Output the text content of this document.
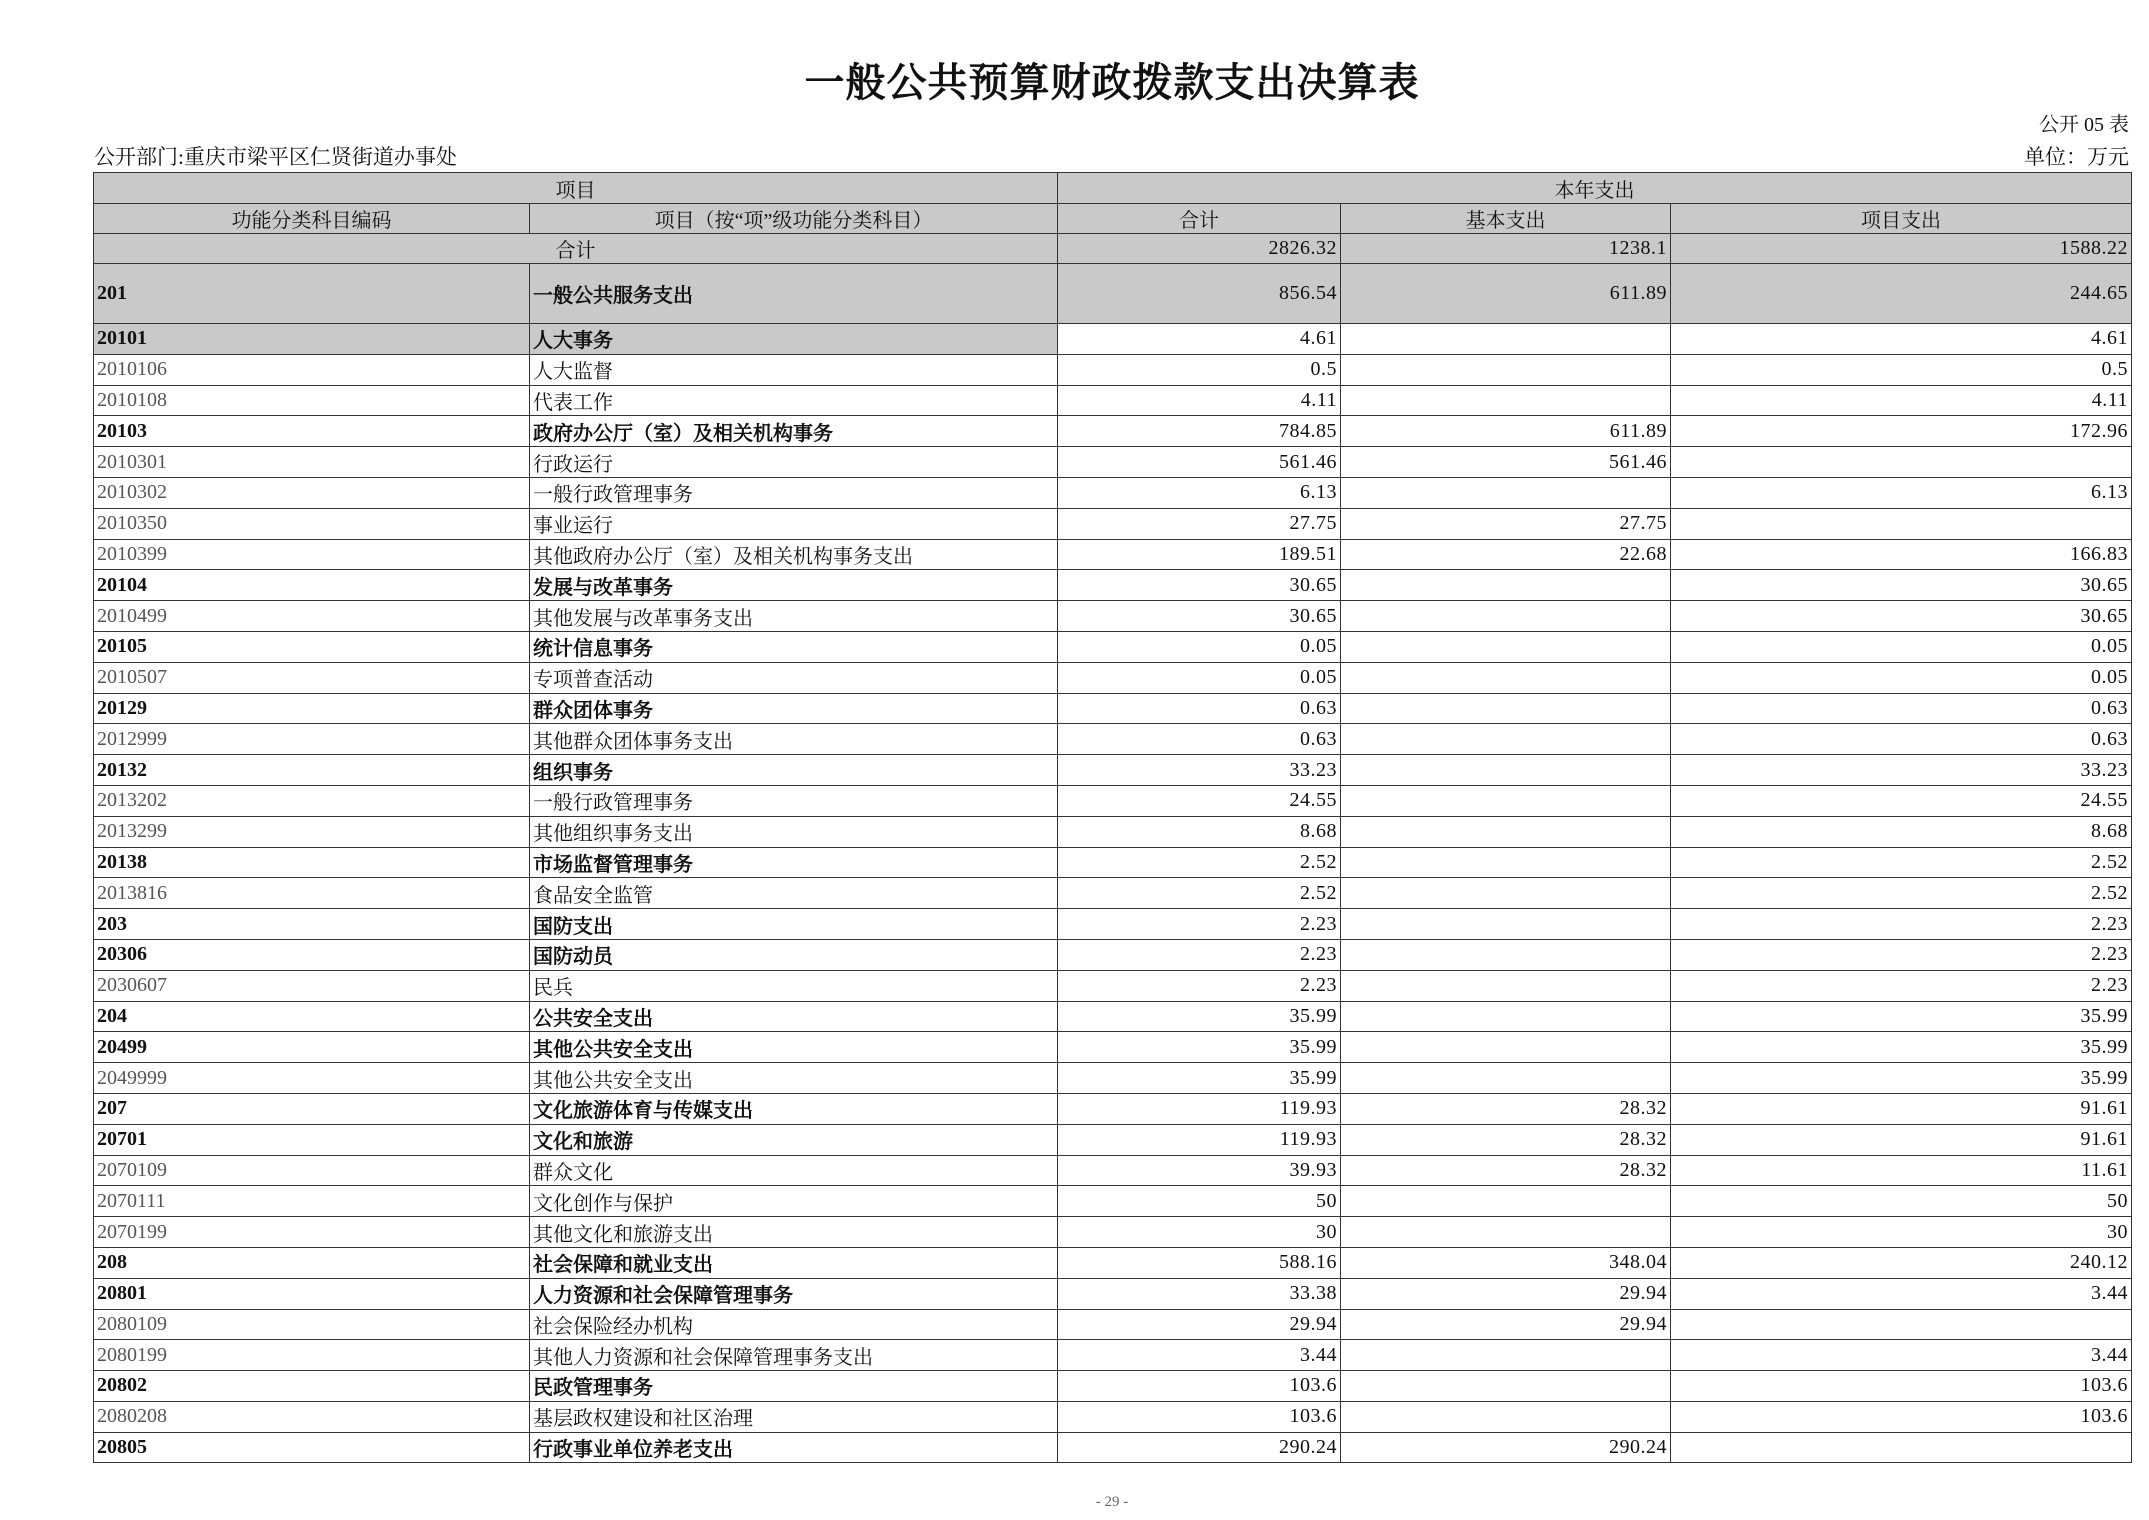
一般公共预算财政拨款支出决算表
公开 05 表
公开部门:重庆市梁平区仁贤街道办事处	单位：万元
项目		本年支出		
功能分类科目编码	项目（按“项”级功能分类科目）	合计	基本支出	项目支出
合计		2826.32	1238.1	1588.22
201	一般公共服务支出	856.54	611.89	244.65
20101	人大事务	4.61		4.61
2010106	人大监督	0.5		0.5
2010108	代表工作	4.11		4.11
20103	政府办公厅（室）及相关机构事务	784.85	611.89	172.96
2010301	行政运行	561.46	561.46	
2010302	一般行政管理事务	6.13		6.13
2010350	事业运行	27.75	27.75	
2010399	其他政府办公厅（室）及相关机构事务支出	189.51	22.68	166.83
20104	发展与改革事务	30.65		30.65
2010499	其他发展与改革事务支出	30.65		30.65
20105	统计信息事务	0.05		0.05
2010507	专项普查活动	0.05		0.05
20129	群众团体事务	0.63		0.63
2012999	其他群众团体事务支出	0.63		0.63
20132	组织事务	33.23		33.23
2013202	一般行政管理事务	24.55		24.55
2013299	其他组织事务支出	8.68		8.68
20138	市场监督管理事务	2.52		2.52
2013816	食品安全监管	2.52		2.52
203	国防支出	2.23		2.23
20306	国防动员	2.23		2.23
2030607	民兵	2.23		2.23
204	公共安全支出	35.99		35.99
20499	其他公共安全支出	35.99		35.99
2049999	其他公共安全支出	35.99		35.99
207	文化旅游体育与传媒支出	119.93	28.32	91.61
20701	文化和旅游	119.93	28.32	91.61
2070109	群众文化	39.93	28.32	11.61
2070111	文化创作与保护	50		50
2070199	其他文化和旅游支出	30		30
208	社会保障和就业支出	588.16	348.04	240.12
20801	人力资源和社会保障管理事务	33.38	29.94	3.44
2080109	社会保险经办机构	29.94	29.94	
2080199	其他人力资源和社会保障管理事务支出	3.44		3.44
20802	民政管理事务	103.6		103.6
2080208	基层政权建设和社区治理	103.6		103.6
20805	行政事业单位养老支出	290.24	290.24	
- 29 -
